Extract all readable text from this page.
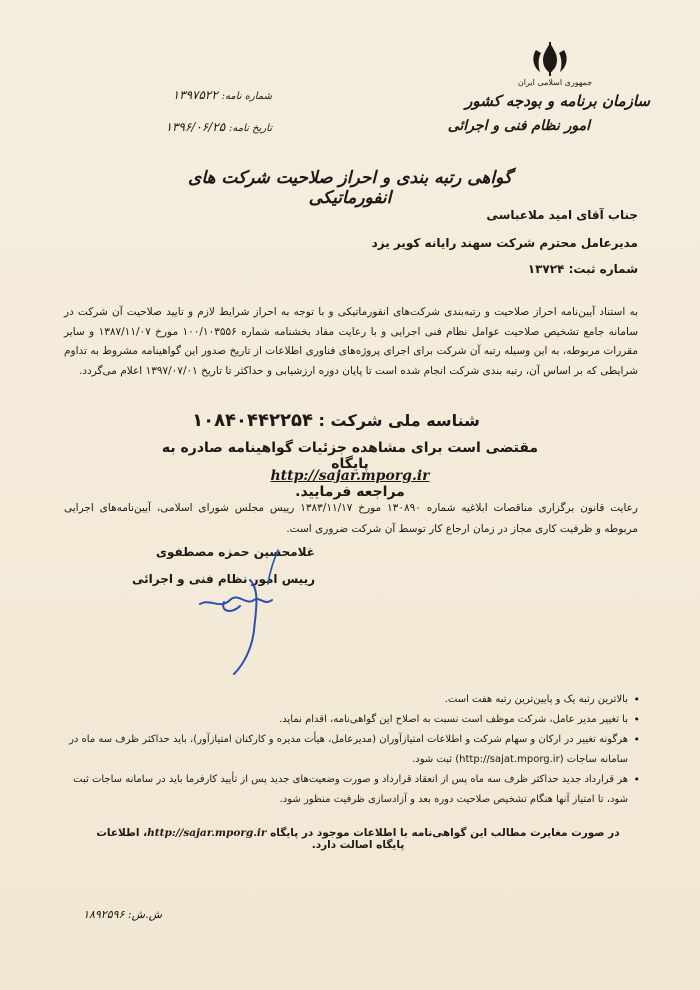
جمهوری اسلامی ایران
سازمان برنامه و بودجه کشور
امور نظام فنی و اجرائی
شماره نامه: ۱۳۹۷۵۲۲
تاریخ نامه: ۱۳۹۶/۰۶/۲۵
گواهی رتبه بندی و احراز صلاحیت شرکت های انفورماتیکی
جناب آقای امید ملاعباسی
مدیرعامل محترم شرکت سهند رایانه کویر یزد
شماره ثبت: ۱۳۷۲۴
به استناد آیین‌نامه احراز صلاحیت و رتبه‌بندی شرکت‌های انفورماتیکی و با توجه به احراز شرایط لازم و تایید صلاحیت آن شرکت در سامانه جامع تشخیص صلاحیت عوامل نظام فنی اجرایی و با رعایت مفاد بخشنامه شماره ۱۰۰/۱۰۳۵۵۶ مورخ ۱۳۸۷/۱۱/۰۷ و سایر مقررات مربوطه، به این وسیله رتبه آن شرکت برای اجرای پروژه‌های فناوری اطلاعات از تاریخ صدور این گواهینامه مشروط به تداوم شرایطی که بر اساس آن، رتبه بندی شرکت انجام شده است تا پایان دوره ارزشیابی و حداکثر تا تاریخ ۱۳۹۷/۰۷/۰۱ اعلام می‌گردد.
شناسه ملی شرکت : ۱۰۸۴۰۴۴۲۲۵۴
مقتضی است برای مشاهده جزئیات گواهینامه صادره به پایگاه
http://sajar.mporg.ir مراجعه فرمایید.
رعایت قانون برگزاری مناقصات ابلاغیه شماره ۱۳۰۸۹۰ مورخ ۱۳۸۳/۱۱/۱۷ رییس مجلس شورای اسلامی، آیین‌نامه‌های اجرایی مربوطه و ظرفیت کاری مجاز در زمان ارجاع کار توسط آن شرکت ضروری است.
غلامحسین حمزه مصطفوی
رییس امور نظام فنی و اجرائی
• بالاترین رتبه یک و پایین‌ترین رتبه هفت است.
• با تغییر مدیر عامل، شرکت موظف است نسبت به اصلاح این گواهی‌نامه، اقدام نماید.
• هرگونه تغییر در ارکان و سهام شرکت و اطلاعات امتیازآوران (مدیرعامل، هیأت مدیره و کارکنان امتیازآور)، باید حداکثر ظرف سه ماه در سامانه ساجات (http://sajat.mporg.ir) ثبت شود.
• هر قرارداد جدید حداکثر ظرف سه ماه پس از انعقاد قرارداد و صورت وضعیت‌های جدید پس از تأیید کارفرما باید در سامانه ساجات ثبت شود، تا امتیاز آنها هنگام تشخیص صلاحیت دوره بعد و آزادسازی ظرفیت منظور شود.
در صورت مغایرت مطالب این گواهی‌نامه با اطلاعات موجود در پایگاه http://sajar.mporg.ir، اطلاعات پایگاه اصالت دارد.
ش.ش: ۱۸۹۲۵۹۶
